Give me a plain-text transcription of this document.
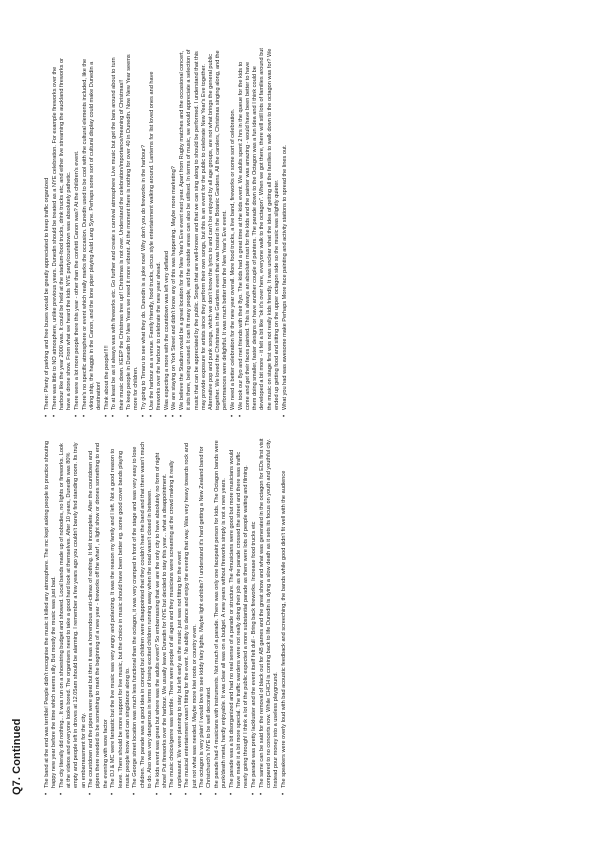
Q7. Continued	• The band at the end was terrible! People didn't recognise the music it killed any atmosphere. The mc kept asking people to practice shouting happy new year before the time which seems silly. But mostly the music was just bad. • The city literally did nothing... It was run on a shoestring budget and showed. Local bands made up of nobodies, no lights or fireworks. Look at the videos and everyone looks bored. The organisers need to take a good hard look at themselves. After 10 years, Dunedin was 80% empty and people left in droves at 12.05am should be alarming. I remember a few years ago you couldn't barely find standing room. Its truly an embarrassment for the city. • The countdown and the pipers were great but then it was a horrendous anti-climax of nothing. It felt incomplete. After the countdown and pipers there needed to be something to mark the beginning of a new year - fireworks off the wharf , a light show or drones something to end the evening with wow factor • The DJ & MC were fantastic but the live music was very angry and polarizing. It was the reason my family and I left. Not a good reason to leave. There should be more support for live music, but the choice in music should have been better eg. some good cover bands playing music people know and can sing/dance along to. • The George street location was much less functional than the octagon, it was very cramped in front of the stage and was very easy to lose children. The parade was a good idea in concept but children were disappointed that they couldn't hear the band and that there wasn't much to do. Also was very dangerous in terms of losing excited children running away when the road wasn't closed in between. • The kids event was great but where was the adults event? So embarrassing that we are the only city to have absolutely no form of night show! Put fireworks over the harbour. We usually leave Dunedin for NYE but decided to stay this year... what a disappointment. • The music choice/genre was terrible. There were people of all ages and they musicians were screaming at the crowd making it really unpleasant. We were planning to stay but left early as the music just was not fitting for the event • The musical entertainment wasn't fitting for the event. No ability to dance and enjoy the evening that way. Was very heavy towards rock and just not what was needed. Maybe more kiwi roots or country even. • The octagon is very plain! I would love to see kiddy fairy lights. Maybe light exhibits? I understand it's hard getting a New Zealand band for Christchurch's NYE to be well decorated. • the parade had 4 musicians with instruments. Not much of a parade. There was only one facepaint person for kids. The Octagon bands were punk/death metal, hardly enjoyable. It was clear all was on a budget. A new years without fireworks simply is not a new years. • The parade was a bit disorganized and had no real sense of a parade or structure. The 4musicians were good but more musicians would have made it a bit more special. The traffic wardens were not really doing their job as the parade crossed the street and there was traffic nearly going through! I think a lot of the public expected a more substantial parade as there were lots of people waiting and filming. • The parade was pretty lackluster and the event itself felt dull - Bring back fireworks. Increase food trucks etc • The same can be said for the removal of black out for AB games and the great show and what was generated in the octagon for EDs first visit compared to no concerts now. While CHCH is coming back to life Dunedin is dying a slow death as it sets its focus on youth and youthful city. Instead pour money into a useless playground. • The speakers were overly loud with bad acoustic feedback and screeching, the bands while good didn't fit well with the audience
• There: Plenty of parking and free buses would be greatly appreciated to keep traffic organized • There was little to NO atmosphere, unlike previous years. Dunedin should be treated as a NYE celebration. For example fireworks over the harbour like the year 2000 was. It could be held at the stadium-food trucks, drink trucks etc, and either live streaming the auckland fireworks or have a drone show. From what we heard the kids NYE party/countdown was absolutely pathetic. • There were a lot more people there this year - other than the confetti Canon was? At the children's event. • There's no specific atmosphere or event which really marks the occasion. Dunedin used to be cool with the cultural elements included, like the viking ship, the haggis in the Canon, and the lone piper playing Auld Lang Syne. Perhaps some sort of cultural display could make Dunedin a destination! • Think about the people!!!!! • To at least be as it always was with fireworks etc. Go further and create s carnival atmosphere Live music but get the bars around about to turn their music down. KEEP the Christmas tree up!! Christmas is not over. Understand the celebration/importance/meaning of Christmas!! • To keep people in Dunedin for New Years we need it more vibrant. At the moment there is nothing for over 40 in Dunedin. Now New Year seems more for children. • Try going to Timaru to see what they do. Dunedin is a joke now! Why don't you do fireworks in the harbour? • Use the harbour as a venue. Family friendly, food trucks, circus style entertainment walking around. Lanterns for list loved ones and have fireworks over the harbour to celebrate the new year ahead. • Was expecting a more with the countdown was left very deflated • We are staying on York Street and didn't know any of this was happening. Maybe more marketing? • We believe the Stadium would be a great location for the New Year's Eve event next year. Apart from Rugby matches and the occasional concert, it sits there, being unused. It can fit many people, and the outside areas can also be utilised. In terms of music, we would appreciate a selection of music that can be appreciated by the public. Songs that are well-known and that we can sing along to should be performed. I understand that this may provide exposure for artists since they perform their own songs, but this is an event for the public to celebrate New Year's Eve together. Alternative pop and punk songs, which we don't know the lyrics to and can't be enjoyed by all age groups, are not what brings the general public together. We loved the Christmas in the Gardens event that was hosted in the Botanic Gardens. All the carolers, Christmas singing along, and the performances were delightful. It was much better than the New Year's Eve event. • We need a better celebration for the new year overall. More food trucks, a live band, fireworks or some sort of celebration. • We took our 8yo and met friends with their 8yo. The kids had a great time at the kids event. We adults spent 2 hrs in the queue for the kids to come and get their faces painted. This is always an absolute must for the kids and the painter was amazing - would have been better to have them doing smaller, faster designs or have another couple of painters. The parade down to the Octagon was a fun idea and I think could be developed a bit more - it felt a bit like "ok it's over here, everyone walk to the octagon". When we got there, there will still lots of families around but the music on stage first was not really kids friendly. It was unclear what the idea of getting all the families to walk down to the octagon was for? We ended up getting food and sitting on the upper octagon side so the music was slightly quieter. • What you had was awesome make Perhaps More face painting and activity stations to spread the lines out.
